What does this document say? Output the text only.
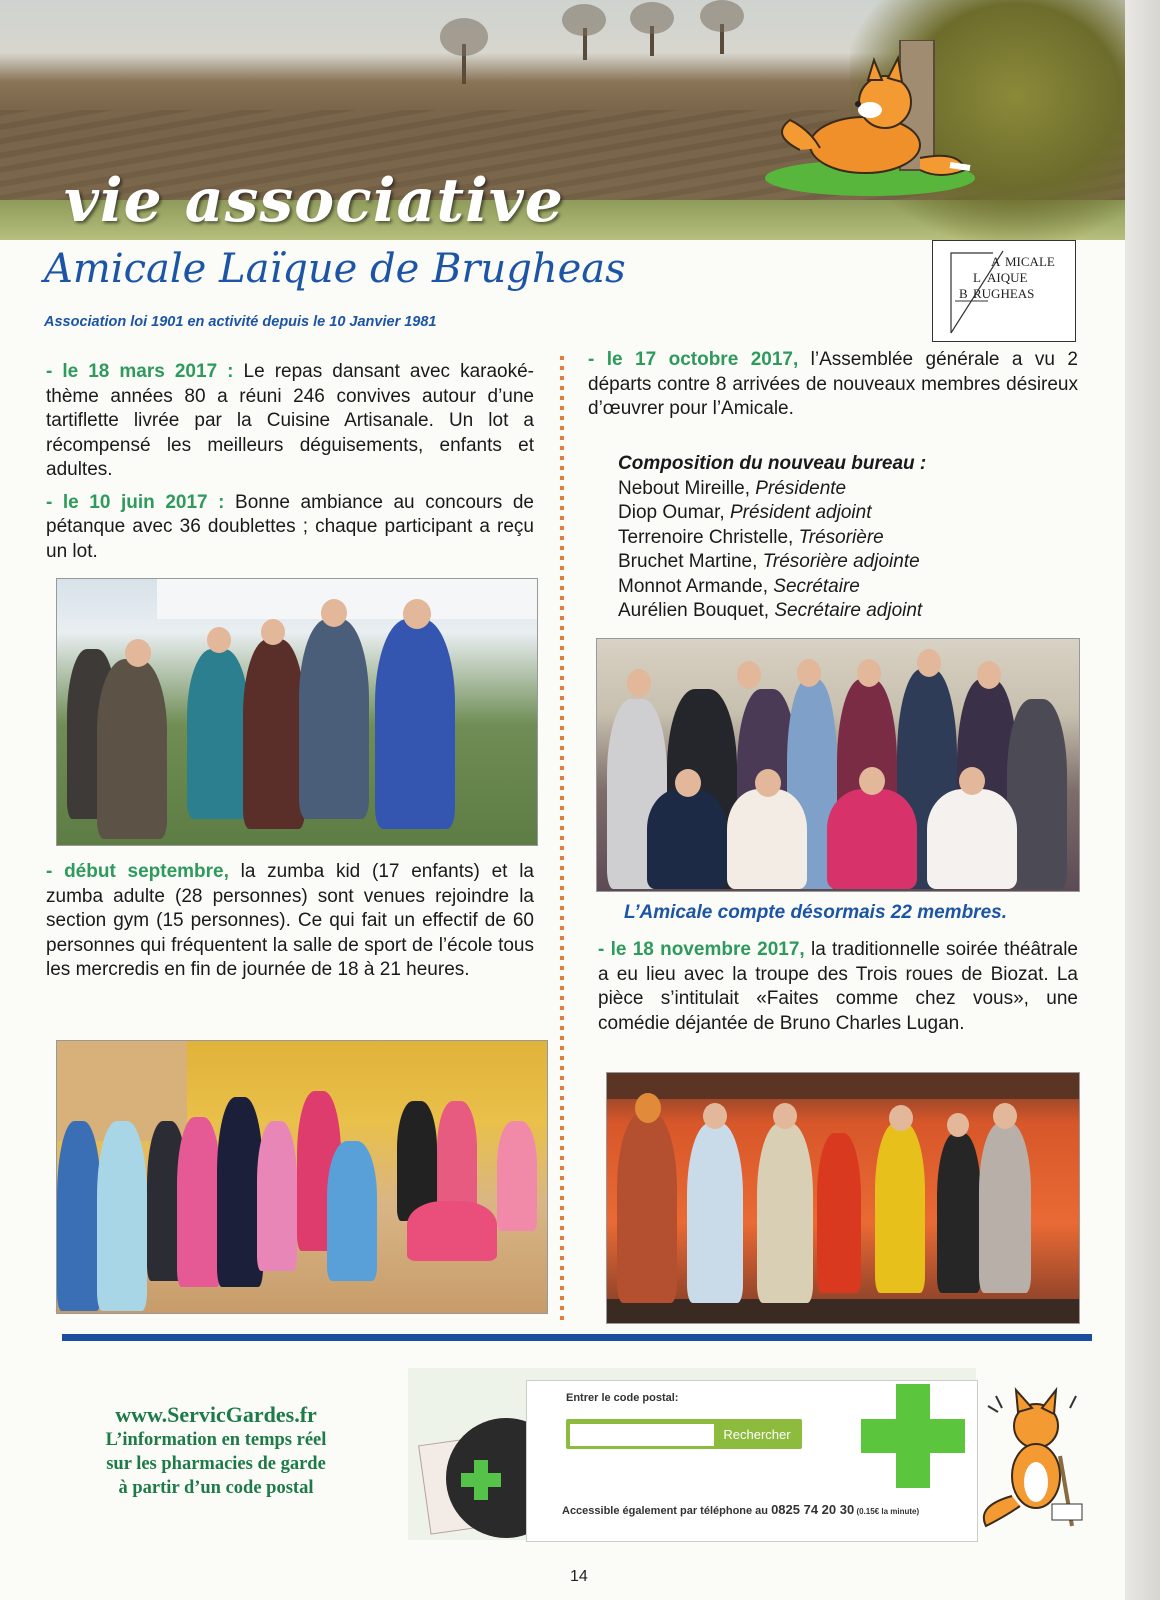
vie associative
Amicale Laïque de Brugheas
Association loi 1901 en activité depuis le 10 Janvier 1981
A MICALE
L AIQUE
B RUGHEAS

- le 18 mars 2017 : Le repas dansant avec karaoké-thème années 80 a réuni 246 convives autour d’une tartiflette livrée par la Cuisine Artisanale. Un lot a récompensé les meilleurs déguisements, enfants et adultes.

- le 10 juin 2017 : Bonne ambiance au concours de pétanque avec 36 doublettes ; chaque participant a reçu un lot.

- début septembre, la zumba kid (17 enfants) et la zumba adulte (28 personnes) sont venues rejoindre la section gym (15 personnes). Ce qui fait un effectif de 60 personnes qui fréquentent la salle de sport de l’école tous les mercredis en fin de journée de 18 à 21 heures.

- le 17 octobre 2017, l’Assemblée générale a vu 2 départs contre 8 arrivées de nouveaux membres désireux d’œuvrer pour l’Amicale.

Composition du nouveau bureau :
Nebout Mireille, Présidente
Diop Oumar, Président adjoint
Terrenoire Christelle, Trésorière
Bruchet Martine, Trésorière adjointe
Monnot Armande, Secrétaire
Aurélien Bouquet, Secrétaire adjoint
L’Amicale compte désormais 22 membres.

- le 18 novembre 2017, la traditionnelle soirée théâtrale a eu lieu avec la troupe des Trois roues de Biozat. La pièce s’intitulait «Faites comme chez vous», une comédie déjantée de Bruno Charles Lugan.

www.ServicGardes.fr
L’information en temps réel
sur les pharmacies de garde
à partir d’un code postal
Entrer le code postal:
Rechercher
Accessible également par téléphone au 0825 74 20 30 (0.15€ la minute)
14
